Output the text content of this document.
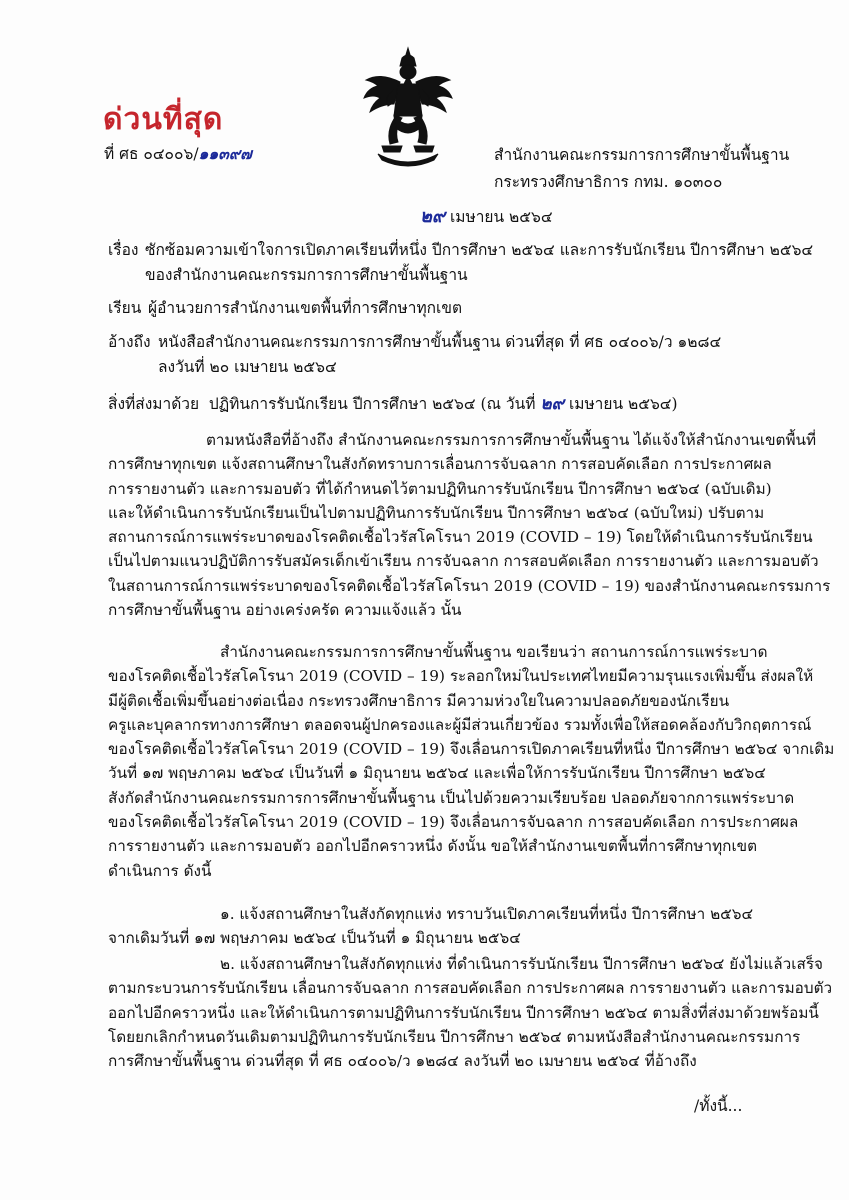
ด่วนที่สุด
ที่ ศธ ๐๔๐๐๖/๑๑๓๙๗	สำนักงานคณะกรรมการการศึกษาขั้นพื้นฐาน
กระทรวงศึกษาธิการ กทม. ๑๐๓๐๐
๒๙ เมษายน ๒๕๖๔
เรื่อง ซักซ้อมความเข้าใจการเปิดภาคเรียนที่หนึ่ง ปีการศึกษา ๒๕๖๔ และการรับนักเรียน ปีการศึกษา ๒๕๖๔
ของสำนักงานคณะกรรมการการศึกษาขั้นพื้นฐาน
เรียน ผู้อำนวยการสำนักงานเขตพื้นที่การศึกษาทุกเขต
อ้างถึง หนังสือสำนักงานคณะกรรมการการศึกษาขั้นพื้นฐาน ด่วนที่สุด ที่ ศธ ๐๔๐๐๖/ว ๑๒๘๔
ลงวันที่ ๒๐ เมษายน ๒๕๖๔
สิ่งที่ส่งมาด้วย ปฏิทินการรับนักเรียน ปีการศึกษา ๒๕๖๔ (ณ วันที่ ๒๙ เมษายน ๒๕๖๔)
ตามหนังสือที่อ้างถึง สำนักงานคณะกรรมการการศึกษาขั้นพื้นฐาน ได้แจ้งให้สำนักงานเขตพื้นที่
การศึกษาทุกเขต แจ้งสถานศึกษาในสังกัดทราบการเลื่อนการจับฉลาก การสอบคัดเลือก การประกาศผล
การรายงานตัว และการมอบตัว ที่ได้กำหนดไว้ตามปฏิทินการรับนักเรียน ปีการศึกษา ๒๕๖๔ (ฉบับเดิม)
และให้ดำเนินการรับนักเรียนเป็นไปตามปฏิทินการรับนักเรียน ปีการศึกษา ๒๕๖๔ (ฉบับใหม่) ปรับตาม
สถานการณ์การแพร่ระบาดของโรคติดเชื้อไวรัสโคโรนา 2019 (COVID – 19) โดยให้ดำเนินการรับนักเรียน
เป็นไปตามแนวปฏิบัติการรับสมัครเด็กเข้าเรียน การจับฉลาก การสอบคัดเลือก การรายงานตัว และการมอบตัว
ในสถานการณ์การแพร่ระบาดของโรคติดเชื้อไวรัสโคโรนา 2019 (COVID – 19) ของสำนักงานคณะกรรมการ
การศึกษาขั้นพื้นฐาน อย่างเคร่งครัด ความแจ้งแล้ว นั้น
สำนักงานคณะกรรมการการศึกษาขั้นพื้นฐาน ขอเรียนว่า สถานการณ์การแพร่ระบาด
ของโรคติดเชื้อไวรัสโคโรนา 2019 (COVID – 19) ระลอกใหม่ในประเทศไทยมีความรุนแรงเพิ่มขึ้น ส่งผลให้
มีผู้ติดเชื้อเพิ่มขึ้นอย่างต่อเนื่อง กระทรวงศึกษาธิการ มีความห่วงใยในความปลอดภัยของนักเรียน
ครูและบุคลากรทางการศึกษา ตลอดจนผู้ปกครองและผู้มีส่วนเกี่ยวข้อง รวมทั้งเพื่อให้สอดคล้องกับวิกฤตการณ์
ของโรคติดเชื้อไวรัสโคโรนา 2019 (COVID – 19) จึงเลื่อนการเปิดภาคเรียนที่หนึ่ง ปีการศึกษา ๒๕๖๔ จากเดิม
วันที่ ๑๗ พฤษภาคม ๒๕๖๔ เป็นวันที่ ๑ มิถุนายน ๒๕๖๔ และเพื่อให้การรับนักเรียน ปีการศึกษา ๒๕๖๔
สังกัดสำนักงานคณะกรรมการการศึกษาขั้นพื้นฐาน เป็นไปด้วยความเรียบร้อย ปลอดภัยจากการแพร่ระบาด
ของโรคติดเชื้อไวรัสโคโรนา 2019 (COVID – 19) จึงเลื่อนการจับฉลาก การสอบคัดเลือก การประกาศผล
การรายงานตัว และการมอบตัว ออกไปอีกคราวหนึ่ง ดังนั้น ขอให้สำนักงานเขตพื้นที่การศึกษาทุกเขต
ดำเนินการ ดังนี้
๑. แจ้งสถานศึกษาในสังกัดทุกแห่ง ทราบวันเปิดภาคเรียนที่หนึ่ง ปีการศึกษา ๒๕๖๔
จากเดิมวันที่ ๑๗ พฤษภาคม ๒๕๖๔ เป็นวันที่ ๑ มิถุนายน ๒๕๖๔
๒. แจ้งสถานศึกษาในสังกัดทุกแห่ง ที่ดำเนินการรับนักเรียน ปีการศึกษา ๒๕๖๔ ยังไม่แล้วเสร็จ
ตามกระบวนการรับนักเรียน เลื่อนการจับฉลาก การสอบคัดเลือก การประกาศผล การรายงานตัว และการมอบตัว
ออกไปอีกคราวหนึ่ง และให้ดำเนินการตามปฏิทินการรับนักเรียน ปีการศึกษา ๒๕๖๔ ตามสิ่งที่ส่งมาด้วยพร้อมนี้
โดยยกเลิกกำหนดวันเดิมตามปฏิทินการรับนักเรียน ปีการศึกษา ๒๕๖๔ ตามหนังสือสำนักงานคณะกรรมการ
การศึกษาขั้นพื้นฐาน ด่วนที่สุด ที่ ศธ ๐๔๐๐๖/ว ๑๒๘๔ ลงวันที่ ๒๐ เมษายน ๒๕๖๔ ที่อ้างถึง
/ทั้งนี้...
